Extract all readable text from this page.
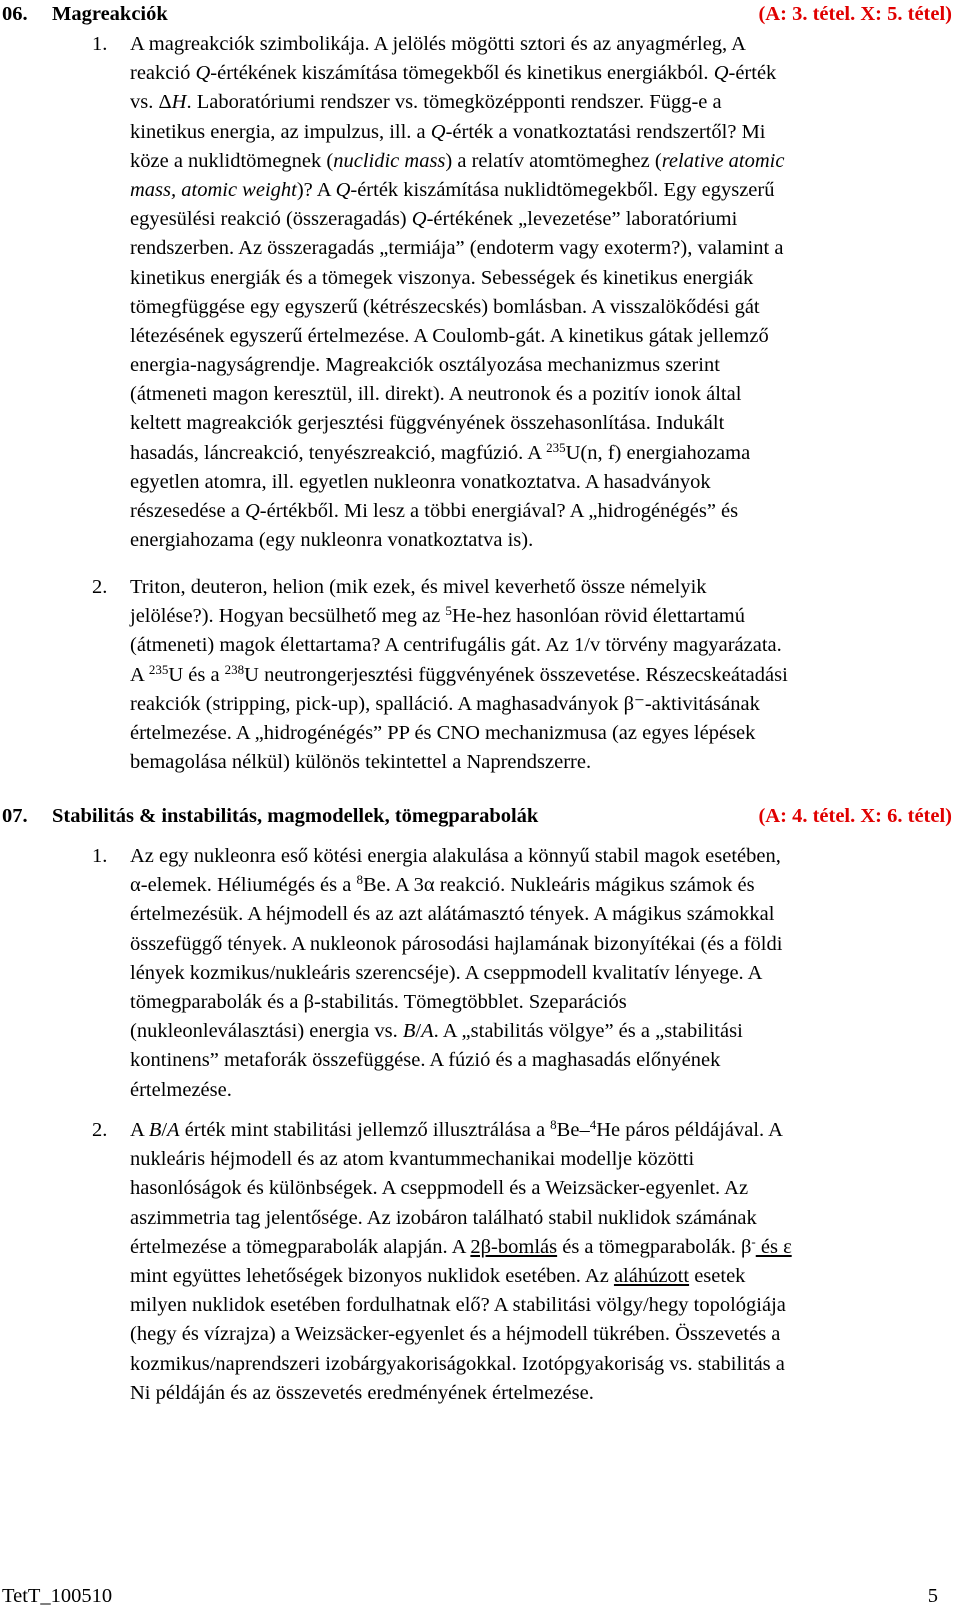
06. Magreakciók	(A: 3. tétel. X: 5. tétel)
1. A magreakciók szimbolikája. A jelölés mögötti sztori és az anyagmérleg, A
reakció Q-értékének kiszámítása tömegekből és kinetikus energiákból. Q-érték
vs. ΔH. Laboratóriumi rendszer vs. tömegközépponti rendszer. Függ-e a
kinetikus energia, az impulzus, ill. a Q-érték a vonatkoztatási rendszertől? Mi
köze a nuklidtömegnek (nuclidic mass) a relatív atomtömeghez (relative atomic
mass, atomic weight)? A Q-érték kiszámítása nuklidtömegekből. Egy egyszerű
egyesülési reakció (összeragadás) Q-értékének „levezetése” laboratóriumi
rendszerben. Az összeragadás „termiája” (endoterm vagy exoterm?), valamint a
kinetikus energiák és a tömegek viszonya. Sebességek és kinetikus energiák
tömegfüggése egy egyszerű (kétrészecskés) bomlásban. A visszalökődési gát
létezésének egyszerű értelmezése. A Coulomb-gát. A kinetikus gátak jellemző
energia-nagyságrendje. Magreakciók osztályozása mechanizmus szerint
(átmeneti magon keresztül, ill. direkt). A neutronok és a pozitív ionok által
keltett magreakciók gerjesztési függvényének összehasonlítása. Indukált
hasadás, láncreakció, tenyészreakció, magfúzió. A $^{235}$U(n, f) energiahozama
egyetlen atomra, ill. egyetlen nukleonra vonatkoztatva. A hasadványok
részesedése a Q-értékből. Mi lesz a többi energiával? A „hidrogénégés” és
energiahozama (egy nukleonra vonatkoztatva is).
2. Triton, deuteron, helion (mik ezek, és mivel keverhető össze némelyik
jelölése?). Hogyan becsülhető meg az $^5$He-hez hasonlóan rövid élettartamú
(átmeneti) magok élettartama? A centrifugális gát. Az 1/v törvény magyarázata.
A $^{235}$U és a $^{238}$U neutrongerjesztési függvényének összevetése. Részecskeátadási
reakciók (stripping, pick-up), spalláció. A maghasadványok β⁻-aktivitásának
értelmezése. A „hidrogénégés” PP és CNO mechanizmusa (az egyes lépések
bemagolása nélkül) különös tekintettel a Naprendszerre.
07. Stabilitás & instabilitás, magmodellek, tömegparabolák	(A: 4. tétel. X: 6. tétel)
1. Az egy nukleonra eső kötési energia alakulása a könnyű stabil magok esetében,
α-elemek. Héliumégés és a $^8$Be. A 3α reakció. Nukleáris mágikus számok és
értelmezésük. A héjmodell és az azt alátámasztó tények. A mágikus számokkal
összefüggő tények. A nukleonok párosodási hajlamának bizonyítékai (és a földi
lények kozmikus/nukleáris szerencséje). A cseppmodell kvalitatív lényege. A
tömegparabolák és a β-stabilitás. Tömegtöbblet. Szeparációs
(nukleonleválasztási) energia vs. B/A. A „stabilitás völgye” és a „stabilitási
kontinens” metaforák összefüggése. A fúzió és a maghasadás előnyének
értelmezése.
2. A B/A érték mint stabilitási jellemző illusztrálása a $^8$Be–$^4$He páros példájával. A
nukleáris héjmodell és az atom kvantummechanikai modellje közötti
hasonlóságok és különbségek. A cseppmodell és a Weizsäcker-egyenlet. Az
aszimmetria tag jelentősége. Az izobáron található stabil nuklidok számának
értelmezése a tömegparabolák alapján. A 2β-bomlás és a tömegparabolák. β- és ε
mint együttes lehetőségek bizonyos nuklidok esetében. Az aláhúzott esetek
milyen nuklidok esetében fordulhatnak elő? A stabilitási völgy/hegy topológiája
(hegy és vízrajza) a Weizsäcker-egyenlet és a héjmodell tükrében. Összevetés a
kozmikus/naprendszeri izobárgyakoriságokkal. Izotópgyakoriság vs. stabilitás a
Ni példáján és az összevetés eredményének értelmezése.
TetT_100510	5
